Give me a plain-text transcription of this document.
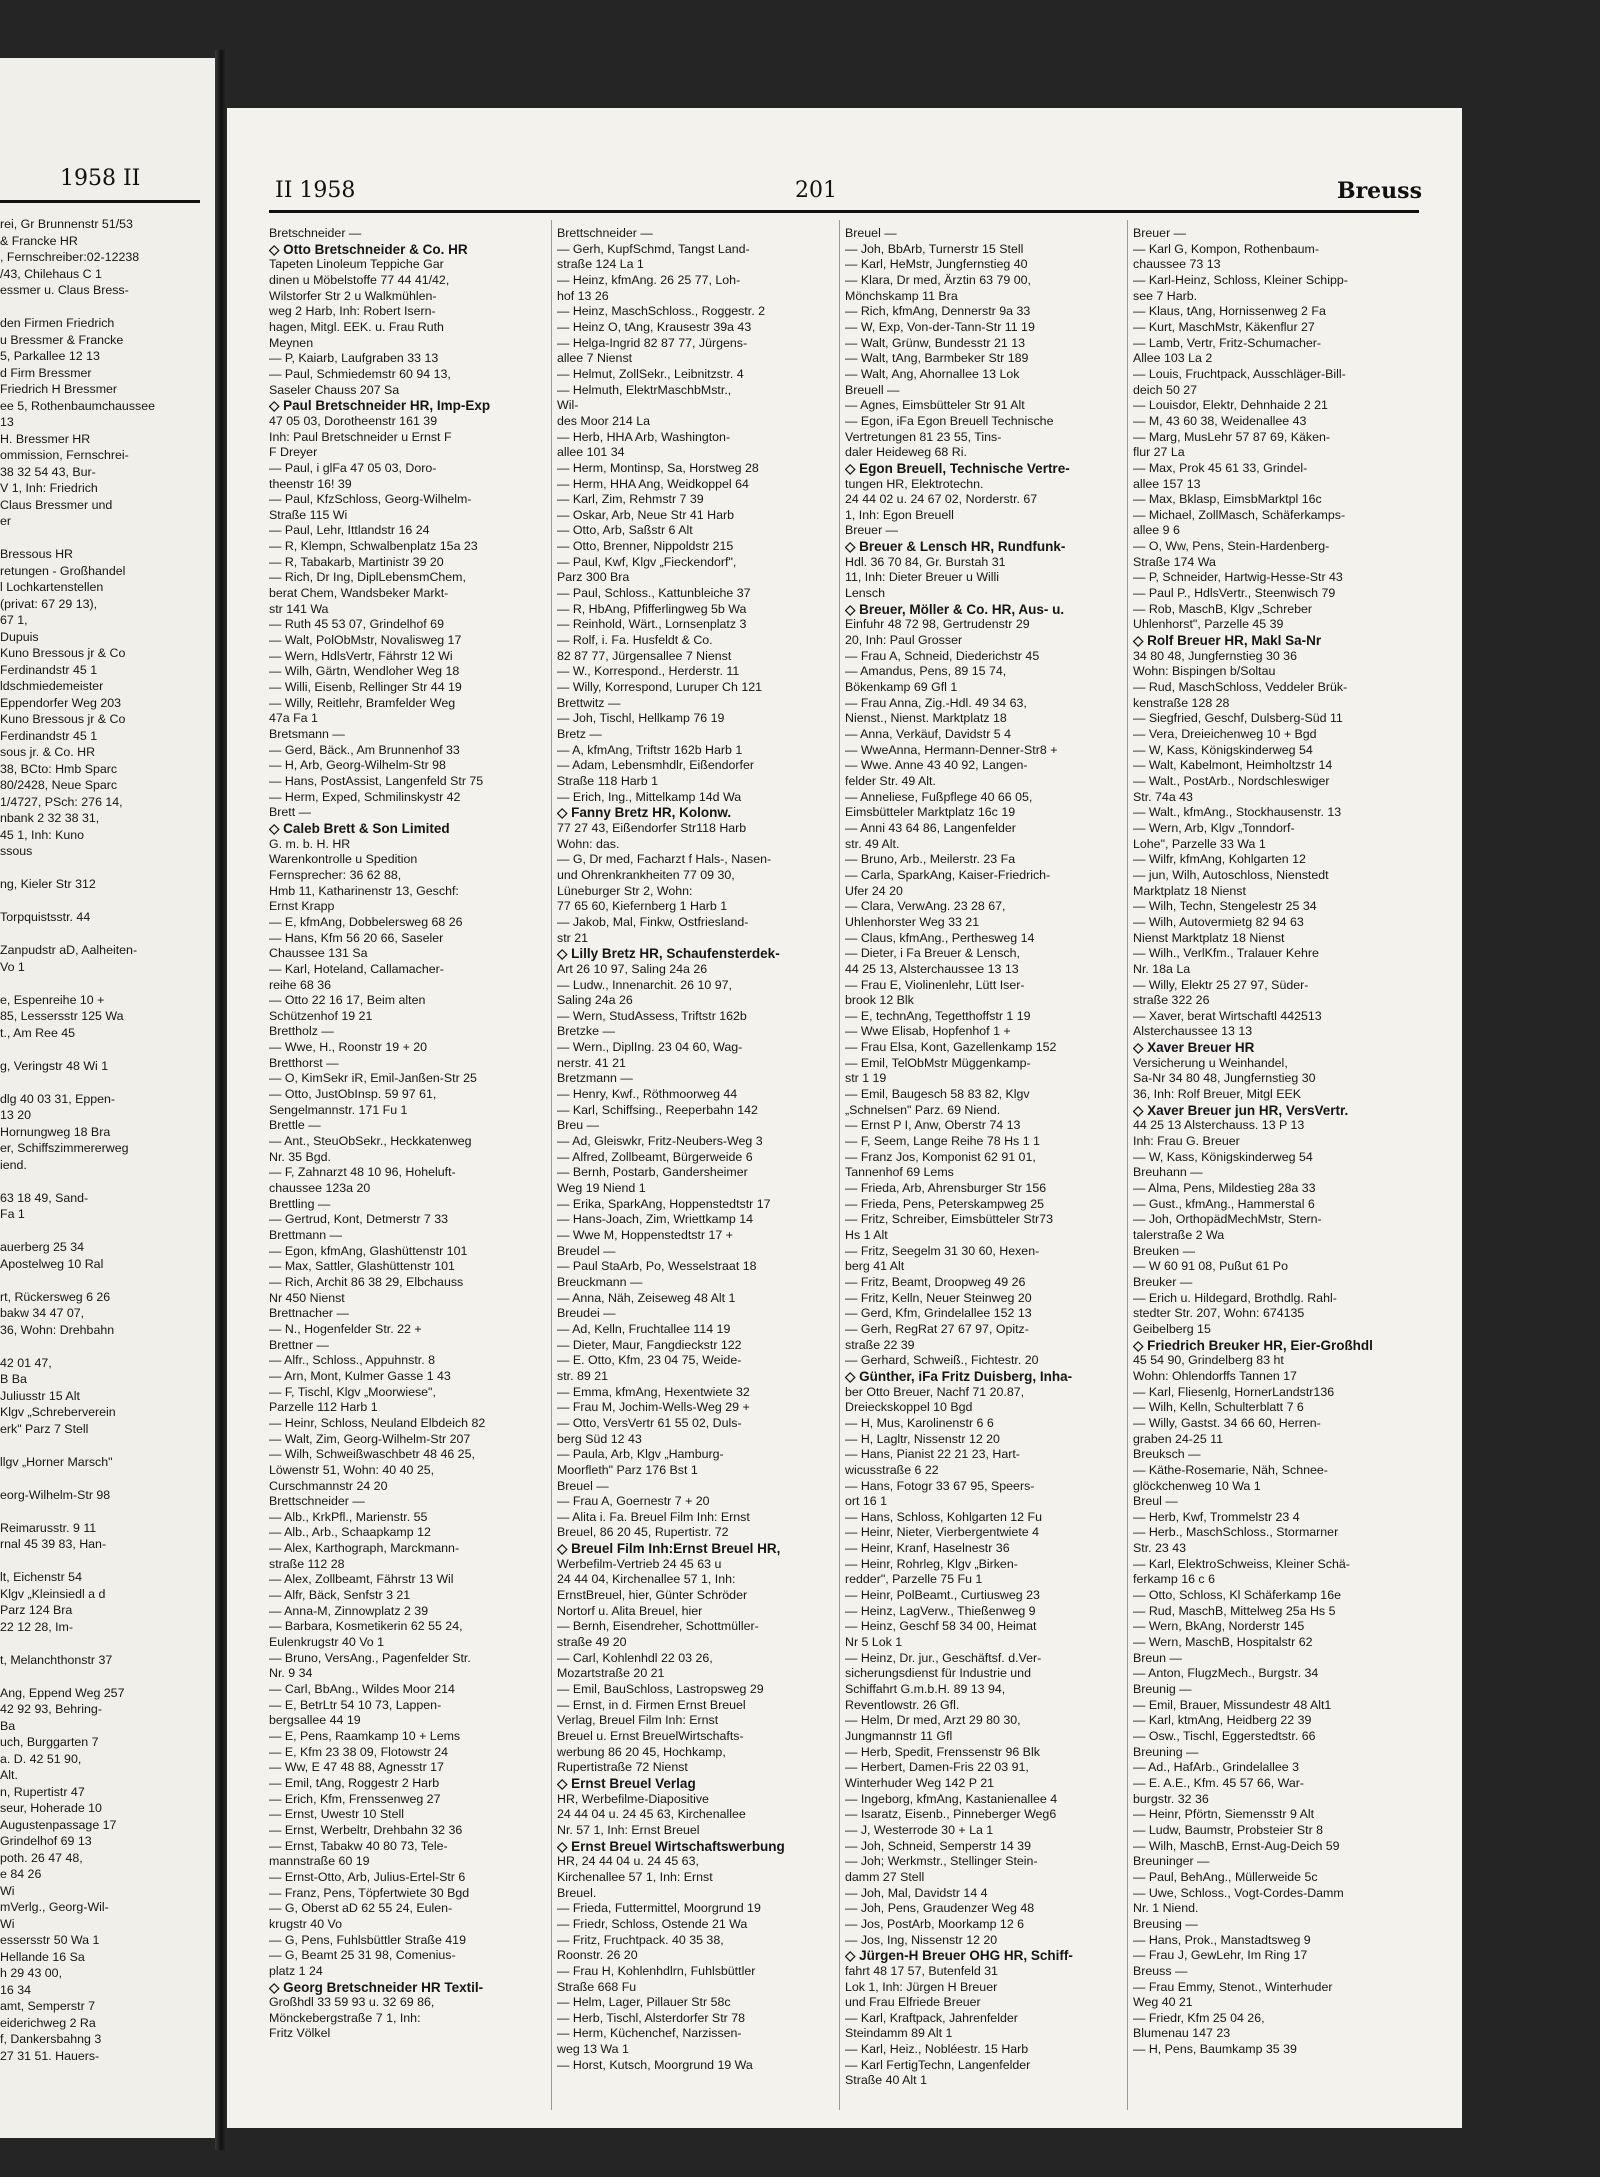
1958 II
rei, Gr Brunnenstr 51/53
& Francke HR
, Fernschreiber:02-12238
/43, Chilehaus C 1
essmer u. Claus Bress-

den Firmen Friedrich
u Bressmer & Francke
5, Parkallee 12 13
d Firm Bressmer
Friedrich H Bressmer
ee 5, Rothenbaumchaussee
13
H. Bressmer HR
ommission, Fernschrei-
38 32 54 43, Bur-
V 1, Inh: Friedrich
Claus Bressmer und
er

Bressous HR
retungen - Großhandel
l Lochkartenstellen
(privat: 67 29 13),
67 1,
Dupuis
Kuno Bressous jr & Co
Ferdinandstr 45 1
ldschmiedemeister
Eppendorfer Weg 203
Kuno Bressous jr & Co
Ferdinandstr 45 1
sous jr. & Co. HR
38, BCto: Hmb Sparc
80/2428, Neue Sparc
1/4727, PSch: 276 14,
nbank 2 32 38 31,
45 1, Inh: Kuno
ssous

ng, Kieler Str 312

Torpquistsstr. 44

Zanpudstr aD, Aalheiten-
Vo 1

e, Espenreihe 10 +
85, Lessersstr 125 Wa
t., Am Ree 45

g, Veringstr 48 Wi 1

dlg 40 03 31, Eppen-
13 20
Hornungweg 18 Bra
er, Schiffszimmererweg
iend.

63 18 49, Sand-
Fa 1

auerberg 25 34
Apostelweg 10 Ral

rt, Rückersweg 6 26
bakw 34 47 07,
36, Wohn: Drehbahn

42 01 47,
B Ba
Juliusstr 15 Alt
Klgv „Schreberverein
erk" Parz 7 Stell

llgv „Horner Marsch"

eorg-Wilhelm-Str 98

Reimarusstr. 9 11
rnal 45 39 83, Han-

lt, Eichenstr 54
Klgv „Kleinsiedl a d
Parz 124 Bra
22 12 28, Im-

t, Melanchthonstr 37

Ang, Eppend Weg 257
42 92 93, Behring-
Ba
uch, Burggarten 7
a. D. 42 51 90,
Alt.
n, Rupertistr 47
seur, Hoherade 10
Augustenpassage 17
Grindelhof 69 13
poth. 26 47 48,
e 84 26
Wi
mVerlg., Georg-Wil-
Wi
essersstr 50 Wa 1
Hellande 16 Sa
h 29 43 00,
16 34
amt, Semperstr 7
eiderichweg 2 Ra
f, Dankersbahng 3
27 31 51. Hauers-
II 1958	201	Breuss
Bretschneider —
◇ Otto Bretschneider & Co. HR
Tapeten Linoleum Teppiche Gar
dinen u Möbelstoffe 77 44 41/42,
Wilstorfer Str 2 u Walkmühlen-
weg 2 Harb, Inh: Robert Isern-
hagen, Mitgl. EEK. u. Frau Ruth
Meynen
— P, Kaiarb, Laufgraben 33 13
— Paul, Schmiedemstr 60 94 13,
Saseler Chauss 207 Sa
◇ Paul Bretschneider HR, Imp-Exp
47 05 03, Dorotheenstr 161 39
Inh: Paul Bretschneider u Ernst F
F Dreyer
— Paul, i glFa 47 05 03, Doro-
theenstr 16! 39
— Paul, KfzSchloss, Georg-Wilhelm-
Straße 115 Wi
— Paul, Lehr, Ittlandstr 16 24
— R, Klempn, Schwalbenplatz 15a 23
— R, Tabakarb, Martinistr 39 20
— Rich, Dr Ing, DiplLebensmChem,
berat Chem, Wandsbeker Markt-
str 141 Wa
— Ruth 45 53 07, Grindelhof 69
— Walt, PolObMstr, Novalisweg 17
— Wern, HdlsVertr, Fährstr 12 Wi
— Wilh, Gärtn, Wendloher Weg 18
— Willi, Eisenb, Rellinger Str 44 19
— Willy, Reitlehr, Bramfelder Weg
47a Fa 1
Bretsmann —
— Gerd, Bäck., Am Brunnenhof 33
— H, Arb, Georg-Wilhelm-Str 98
— Hans, PostAssist, Langenfeld Str 75
— Herm, Exped, Schmilinskystr 42
Brett —
◇ Caleb Brett & Son Limited
G. m. b. H. HR
Warenkontrolle u Spedition
Fernsprecher: 36 62 88,
Hmb 11, Katharinenstr 13, Geschf:
Ernst Krapp
— E, kfmAng, Dobbelersweg 68 26
— Hans, Kfm 56 20 66, Saseler
Chaussee 131 Sa
— Karl, Hoteland, Callamacher-
reihe 68 36
— Otto 22 16 17, Beim alten
Schützenhof 19 21
Brettholz —
— Wwe, H., Roonstr 19 + 20
Bretthorst —
— O, KimSekr iR, Emil-Janßen-Str 25
— Otto, JustObInsp. 59 97 61,
Sengelmannstr. 171 Fu 1
Brettle —
— Ant., SteuObSekr., Heckkatenweg
Nr. 35 Bgd.
— F, Zahnarzt 48 10 96, Hoheluft-
chaussee 123a 20
Brettling —
— Gertrud, Kont, Detmerstr 7 33
Brettmann —
— Egon, kfmAng, Glashüttenstr 101
— Max, Sattler, Glashüttenstr 101
— Rich, Archit 86 38 29, Elbchauss
Nr 450 Nienst
Brettnacher —
— N., Hogenfelder Str. 22 +
Brettner —
— Alfr., Schloss., Appuhnstr. 8
— Arn, Mont, Kulmer Gasse 1 43
— F, Tischl, Klgv „Moorwiese",
Parzelle 112 Harb 1
— Heinr, Schloss, Neuland Elbdeich 82
— Walt, Zim, Georg-Wilhelm-Str 207
— Wilh, Schweißwaschbetr 48 46 25,
Löwenstr 51, Wohn: 40 40 25,
Curschmannstr 24 20
Brettschneider —
— Alb., KrkPfl., Marienstr. 55
— Alb., Arb., Schaapkamp 12
— Alex, Karthograph, Marckmann-
straße 112 28
— Alex, Zollbeamt, Fährstr 13 Wil
— Alfr, Bäck, Senfstr 3 21
— Anna-M, Zinnowplatz 2 39
— Barbara, Kosmetikerin 62 55 24,
Eulenkrugstr 40 Vo 1
— Bruno, VersAng., Pagenfelder Str.
Nr. 9 34
— Carl, BbAng., Wildes Moor 214
— E, BetrLtr 54 10 73, Lappen-
bergsallee 44 19
— E, Pens, Raamkamp 10 + Lems
— E, Kfm 23 38 09, Flotowstr 24
— Ww, E 47 48 88, Agnesstr 17
— Emil, tAng, Roggestr 2 Harb
— Erich, Kfm, Frenssenweg 27
— Ernst, Uwestr 10 Stell
— Ernst, Werbeltr, Drehbahn 32 36
— Ernst, Tabakw 40 80 73, Tele-
mannstraße 60 19
— Ernst-Otto, Arb, Julius-Ertel-Str 6
— Franz, Pens, Töpfertwiete 30 Bgd
— G, Oberst aD 62 55 24, Eulen-
krugstr 40 Vo
— G, Pens, Fuhlsbüttler Straße 419
— G, Beamt 25 31 98, Comenius-
platz 1 24
◇ Georg Bretschneider HR Textil-
Großhdl 33 59 93 u. 32 69 86,
Mönckebergstraße 7 1, Inh:
Fritz Völkel
Brettschneider —
— Gerh, KupfSchmd, Tangst Land-
straße 124 La 1
— Heinz, kfmAng. 26 25 77, Loh-
hof 13 26
— Heinz, MaschSchloss., Roggestr. 2
— Heinz O, tAng, Krausestr 39a 43
— Helga-Ingrid 82 87 77, Jürgens-
allee 7 Nienst
— Helmut, ZollSekr., Leibnitzstr. 4
— Helmuth, ElektrMaschbMstr.,
Wil-
des Moor 214 La
— Herb, HHA Arb, Washington-
allee 101 34
— Herm, Montinsp, Sa, Horstweg 28
— Herm, HHA Ang, Weidkoppel 64
— Karl, Zim, Rehmstr 7 39
— Oskar, Arb, Neue Str 41 Harb
— Otto, Arb, Saßstr 6 Alt
— Otto, Brenner, Nippoldstr 215
— Paul, Kwf, Klgv „Fieckendorf",
Parz 300 Bra
— Paul, Schloss., Kattunbleiche 37
— R, HbAng, Pfifferlingweg 5b Wa
— Reinhold, Wärt., Lornsenplatz 3
— Rolf, i. Fa. Husfeldt & Co.
82 87 77, Jürgensallee 7 Nienst
— W., Korrespond., Herderstr. 11
— Willy, Korrespond, Luruper Ch 121
Brettwitz —
— Joh, Tischl, Hellkamp 76 19
Bretz —
— A, kfmAng, Triftstr 162b Harb 1
— Adam, Lebensmhdlr, Eißendorfer
Straße 118 Harb 1
— Erich, Ing., Mittelkamp 14d Wa
◇ Fanny Bretz HR, Kolonw.
77 27 43, Eißendorfer Str118 Harb
Wohn: das.
— G, Dr med, Facharzt f Hals-, Nasen-
und Ohrenkrankheiten 77 09 30,
Lüneburger Str 2, Wohn:
77 65 60, Kiefernberg 1 Harb 1
— Jakob, Mal, Finkw, Ostfriesland-
str 21
◇ Lilly Bretz HR, Schaufensterdek-
Art 26 10 97, Saling 24a 26
— Ludw., Innenarchit. 26 10 97,
Saling 24a 26
— Wern, StudAssess, Triftstr 162b
Bretzke —
— Wern., DiplIng. 23 04 60, Wag-
nerstr. 41 21
Bretzmann —
— Henry, Kwf., Röthmoorweg 44
— Karl, Schiffsing., Reeperbahn 142
Breu —
— Ad, Gleiswkr, Fritz-Neubers-Weg 3
— Alfred, Zollbeamt, Bürgerweide 6
— Bernh, Postarb, Gandersheimer
Weg 19 Niend 1
— Erika, SparkAng, Hoppenstedtstr 17
— Hans-Joach, Zim, Wriettkamp 14
— Wwe M, Hoppenstedtstr 17 +
Breudel —
— Paul StaArb, Po, Wesselstraat 18
Breuckmann —
— Anna, Näh, Zeiseweg 48 Alt 1
Breudei —
— Ad, Kelln, Fruchtallee 114 19
— Dieter, Maur, Fangdieckstr 122
— E. Otto, Kfm, 23 04 75, Weide-
str. 89 21
— Emma, kfmAng, Hexentwiete 32
— Frau M, Jochim-Wells-Weg 29 +
— Otto, VersVertr 61 55 02, Duls-
berg Süd 12 43
— Paula, Arb, Klgv „Hamburg-
Moorfleth" Parz 176 Bst 1
Breuel —
— Frau A, Goernestr 7 + 20
— Alita i. Fa. Breuel Film Inh: Ernst
Breuel, 86 20 45, Rupertistr. 72
◇ Breuel Film Inh:Ernst Breuel HR,
Werbefilm-Vertrieb 24 45 63 u
24 44 04, Kirchenallee 57 1, Inh:
ErnstBreuel, hier, Günter Schröder
Nortorf u. Alita Breuel, hier
— Bernh, Eisendreher, Schottmüller-
straße 49 20
— Carl, Kohlenhdl 22 03 26,
Mozartstraße 20 21
— Emil, BauSchloss, Lastropsweg 29
— Ernst, in d. Firmen Ernst Breuel
Verlag, Breuel Film Inh: Ernst
Breuel u. Ernst BreuelWirtschafts-
werbung 86 20 45, Hochkamp,
Rupertistraße 72 Nienst
◇ Ernst Breuel Verlag
HR, Werbefilme-Diapositive
24 44 04 u. 24 45 63, Kirchenallee
Nr. 57 1, Inh: Ernst Breuel
◇ Ernst Breuel Wirtschaftswerbung
HR, 24 44 04 u. 24 45 63,
Kirchenallee 57 1, Inh: Ernst
Breuel.
— Frieda, Futtermittel, Moorgrund 19
— Friedr, Schloss, Ostende 21 Wa
— Fritz, Fruchtpack. 40 35 38,
Roonstr. 26 20
— Frau H, Kohlenhdlrn, Fuhlsbüttler
Straße 668 Fu
— Helm, Lager, Pillauer Str 58c
— Herb, Tischl, Alsterdorfer Str 78
— Herm, Küchenchef, Narzissen-
weg 13 Wa 1
— Horst, Kutsch, Moorgrund 19 Wa
Breuel —
— Joh, BbArb, Turnerstr 15 Stell
— Karl, HeMstr, Jungfernstieg 40
— Klara, Dr med, Ärztin 63 79 00,
Mönchskamp 11 Bra
— Rich, kfmAng, Dennerstr 9a 33
— W, Exp, Von-der-Tann-Str 11 19
— Walt, Grünw, Bundesstr 21 13
— Walt, tAng, Barmbeker Str 189
— Walt, Ang, Ahornallee 13 Lok
Breuell —
— Agnes, Eimsbütteler Str 91 Alt
— Egon, iFa Egon Breuell Technische
Vertretungen 81 23 55, Tins-
daler Heideweg 68 Ri.
◇ Egon Breuell, Technische Vertre-
tungen HR, Elektrotechn.
24 44 02 u. 24 67 02, Norderstr. 67
1, Inh: Egon Breuell
Breuer —
◇ Breuer & Lensch HR, Rundfunk-
Hdl. 36 70 84, Gr. Burstah 31
11, Inh: Dieter Breuer u Willi
Lensch
◇ Breuer, Möller & Co. HR, Aus- u.
Einfuhr 48 72 98, Gertrudenstr 29
20, Inh: Paul Grosser
— Frau A, Schneid, Diederichstr 45
— Amandus, Pens, 89 15 74,
Bökenkamp 69 Gfl 1
— Frau Anna, Zig.-Hdl. 49 34 63,
Nienst., Nienst. Marktplatz 18
— Anna, Verkäuf, Davidstr 5 4
— WweAnna, Hermann-Denner-Str8 +
— Wwe. Anne 43 40 92, Langen-
felder Str. 49 Alt.
— Anneliese, Fußpflege 40 66 05,
Eimsbütteler Marktplatz 16c 19
— Anni 43 64 86, Langenfelder
str. 49 Alt.
— Bruno, Arb., Meilerstr. 23 Fa
— Carla, SparkAng, Kaiser-Friedrich-
Ufer 24 20
— Clara, VerwAng. 23 28 67,
Uhlenhorster Weg 33 21
— Claus, kfmAng., Perthesweg 14
— Dieter, i Fa Breuer & Lensch,
44 25 13, Alsterchaussee 13 13
— Frau E, Violinenlehr, Lütt Iser-
brook 12 Blk
— E, technAng, Tegetthoffstr 1 19
— Wwe Elisab, Hopfenhof 1 +
— Frau Elsa, Kont, Gazellenkamp 152
— Emil, TelObMstr Müggenkamp-
str 1 19
— Emil, Baugesch 58 83 82, Klgv
„Schnelsen" Parz. 69 Niend.
— Ernst P I, Anw, Oberstr 74 13
— F, Seem, Lange Reihe 78 Hs 1 1
— Franz Jos, Komponist 62 91 01,
Tannenhof 69 Lems
— Frieda, Arb, Ahrensburger Str 156
— Frieda, Pens, Peterskampweg 25
— Fritz, Schreiber, Eimsbütteler Str73
Hs 1 Alt
— Fritz, Seegelm 31 30 60, Hexen-
berg 41 Alt
— Fritz, Beamt, Droopweg 49 26
— Fritz, Kelln, Neuer Steinweg 20
— Gerd, Kfm, Grindelallee 152 13
— Gerh, RegRat 27 67 97, Opitz-
straße 22 39
— Gerhard, Schweiß., Fichtestr. 20
◇ Günther, iFa Fritz Duisberg, Inha-
ber Otto Breuer, Nachf 71 20.87,
Dreieckskoppel 10 Bgd
— H, Mus, Karolinenstr 6 6
— H, Lagltr, Nissenstr 12 20
— Hans, Pianist 22 21 23, Hart-
wicusstraße 6 22
— Hans, Fotogr 33 67 95, Speers-
ort 16 1
— Hans, Schloss, Kohlgarten 12 Fu
— Heinr, Nieter, Vierbergentwiete 4
— Heinr, Kranf, Haselnestr 36
— Heinr, Rohrleg, Klgv „Birken-
redder", Parzelle 75 Fu 1
— Heinr, PolBeamt., Curtiusweg 23
— Heinz, LagVerw., Thießenweg 9
— Heinz, Geschf 58 34 00, Heimat
Nr 5 Lok 1
— Heinz, Dr. jur., Geschäftsf. d.Ver-
sicherungsdienst für Industrie und
Schiffahrt G.m.b.H. 89 13 94,
Reventlowstr. 26 Gfl.
— Helm, Dr med, Arzt 29 80 30,
Jungmannstr 11 Gfl
— Herb, Spedit, Frenssenstr 96 Blk
— Herbert, Damen-Fris 22 03 91,
Winterhuder Weg 142 P 21
— Ingeborg, kfmAng, Kastanienallee 4
— Isaratz, Eisenb., Pinneberger Weg6
— J, Westerrode 30 + La 1
— Joh, Schneid, Semperstr 14 39
— Joh; Werkmstr., Stellinger Stein-
damm 27 Stell
— Joh, Mal, Davidstr 14 4
— Joh, Pens, Graudenzer Weg 48
— Jos, PostArb, Moorkamp 12 6
— Jos, Ing, Nissenstr 12 20
◇ Jürgen-H Breuer OHG HR, Schiff-
fahrt 48 17 57, Butenfeld 31
Lok 1, Inh: Jürgen H Breuer
und Frau Elfriede Breuer
— Karl, Kraftpack, Jahrenfelder
Steindamm 89 Alt 1
— Karl, Heiz., Nobléestr. 15 Harb
— Karl FertigTechn, Langenfelder
Straße 40 Alt 1
Breuer —
— Karl G, Kompon, Rothenbaum-
chaussee 73 13
— Karl-Heinz, Schloss, Kleiner Schipp-
see 7 Harb.
— Klaus, tAng, Hornissenweg 2 Fa
— Kurt, MaschMstr, Käkenflur 27
— Lamb, Vertr, Fritz-Schumacher-
Allee 103 La 2
— Louis, Fruchtpack, Ausschläger-Bill-
deich 50 27
— Louisdor, Elektr, Dehnhaide 2 21
— M, 43 60 38, Weidenallee 43
— Marg, MusLehr 57 87 69, Käken-
flur 27 La
— Max, Prok 45 61 33, Grindel-
allee 157 13
— Max, Bklasp, EimsbMarktpl 16c
— Michael, ZollMasch, Schäferkamps-
allee 9 6
— O, Ww, Pens, Stein-Hardenberg-
Straße 174 Wa
— P, Schneider, Hartwig-Hesse-Str 43
— Paul P., HdlsVertr., Steenwisch 79
— Rob, MaschB, Klgv „Schreber
Uhlenhorst", Parzelle 45 39
◇ Rolf Breuer HR, Makl Sa-Nr
34 80 48, Jungfernstieg 30 36
Wohn: Bispingen b/Soltau
— Rud, MaschSchloss, Veddeler Brük-
kenstraße 128 28
— Siegfried, Geschf, Dulsberg-Süd 11
— Vera, Dreieichenweg 10 + Bgd
— W, Kass, Königskinderweg 54
— Walt, Kabelmont, Heimholtzstr 14
— Walt., PostArb., Nordschleswiger
Str. 74a 43
— Walt., kfmAng., Stockhausenstr. 13
— Wern, Arb, Klgv „Tonndorf-
Lohe", Parzelle 33 Wa 1
— Wilfr, kfmAng, Kohlgarten 12
— jun, Wilh, Autoschloss, Nienstedt
Marktplatz 18 Nienst
— Wilh, Techn, Stengelestr 25 34
— Wilh, Autovermietg 82 94 63
Nienst Marktplatz 18 Nienst
— Wilh., VerlKfm., Tralauer Kehre
Nr. 18a La
— Willy, Elektr 25 27 97, Süder-
straße 322 26
— Xaver, berat Wirtschaftl 442513
Alsterchaussee 13 13
◇ Xaver Breuer HR
Versicherung u Weinhandel,
Sa-Nr 34 80 48, Jungfernstieg 30
36, Inh: Rolf Breuer, Mitgl EEK
◇ Xaver Breuer jun HR, VersVertr.
44 25 13 Alsterchauss. 13 P 13
Inh: Frau G. Breuer
— W, Kass, Königskinderweg 54
Breuhann —
— Alma, Pens, Mildestieg 28a 33
— Gust., kfmAng., Hammerstal 6
— Joh, OrthopädMechMstr, Stern-
talerstraße 2 Wa
Breuken —
— W 60 91 08, Pußut 61 Po
Breuker —
— Erich u. Hildegard, Brothdlg. Rahl-
stedter Str. 207, Wohn: 674135
Geibelberg 15
◇ Friedrich Breuker HR, Eier-Großhdl
45 54 90, Grindelberg 83 ht
Wohn: Ohlendorffs Tannen 17
— Karl, Fliesenlg, HornerLandstr136
— Wilh, Kelln, Schulterblatt 7 6
— Willy, Gastst. 34 66 60, Herren-
graben 24-25 11
Breuksch —
— Käthe-Rosemarie, Näh, Schnee-
glöckchenweg 10 Wa 1
Breul —
— Herb, Kwf, Trommelstr 23 4
— Herb., MaschSchloss., Stormarner
Str. 23 43
— Karl, ElektroSchweiss, Kleiner Schä-
ferkamp 16 c 6
— Otto, Schloss, Kl Schäferkamp 16e
— Rud, MaschB, Mittelweg 25a Hs 5
— Wern, BkAng, Norderstr 145
— Wern, MaschB, Hospitalstr 62
Breun —
— Anton, FlugzMech., Burgstr. 34
Breunig —
— Emil, Brauer, Missundestr 48 Alt1
— Karl, ktmAng, Heidberg 22 39
— Osw., Tischl, Eggerstedtstr. 66
Breuning —
— Ad., HafArb., Grindelallee 3
— E. A.E., Kfm. 45 57 66, War-
burgstr. 32 36
— Heinr, Pförtn, Siemensstr 9 Alt
— Ludw, Baumstr, Probsteier Str 8
— Wilh, MaschB, Ernst-Aug-Deich 59
Breuninger —
— Paul, BehAng., Müllerweide 5c
— Uwe, Schloss., Vogt-Cordes-Damm
Nr. 1 Niend.
Breusing —
— Hans, Prok., Manstadtsweg 9
— Frau J, GewLehr, Im Ring 17
Breuss —
— Frau Emmy, Stenot., Winterhuder
Weg 40 21
— Friedr, Kfm 25 04 26,
Blumenau 147 23
— H, Pens, Baumkamp 35 39
